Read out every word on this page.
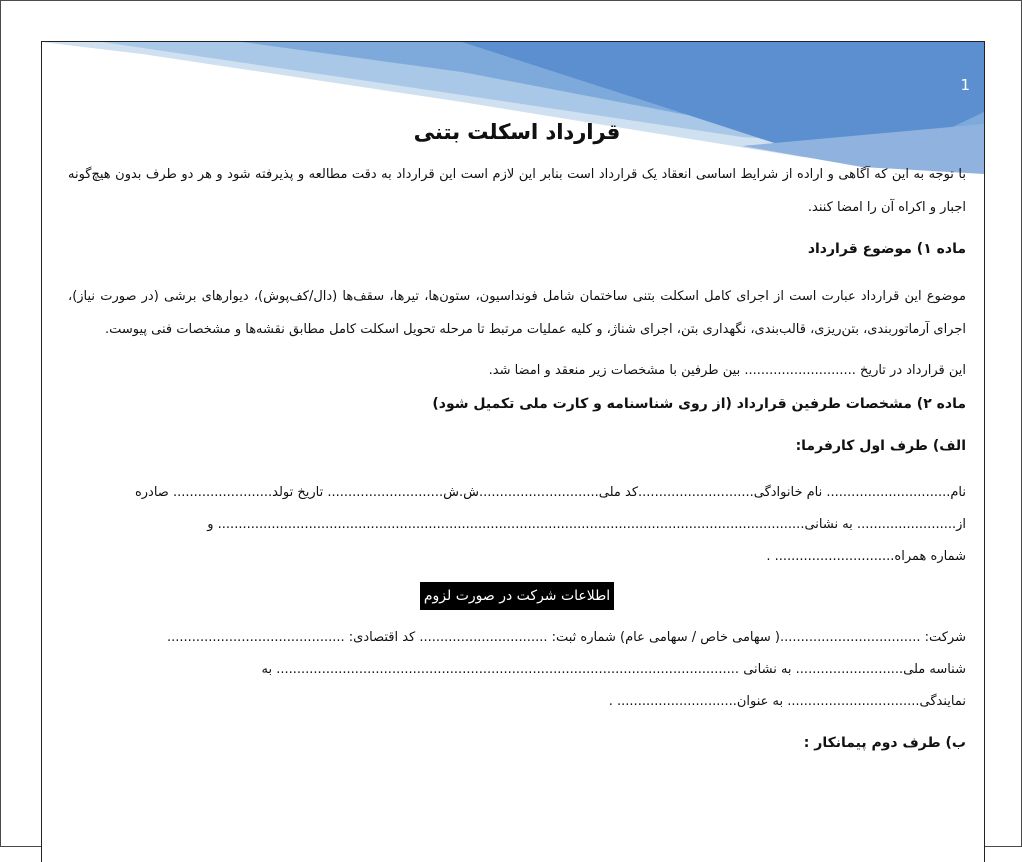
1
قرارداد اسکلت بتنی

با توجه به این که آگاهی و اراده از شرایط اساسی انعقاد یک قرارداد است بنابر این لازم است این قرارداد به دقت مطالعه و پذیرفته شود و هر دو طرف بدون هیچ‌گونه اجبار و اکراه آن را امضا کنند.

ماده ۱) موضوع قرارداد

موضوع این قرارداد عبارت است از اجرای کامل اسکلت بتنی ساختمان شامل فونداسیون، ستون‌ها، تیرها، سقف‌ها (دال/کف‌پوش)، دیوارهای برشی (در صورت نیاز)، اجرای آرماتوربندی، بتن‌ریزی، قالب‌بندی، نگهداری بتن، اجرای شناژ، و کلیه عملیات مرتبط تا مرحله تحویل اسکلت کامل مطابق نقشه‌ها و مشخصات فنی پیوست.

این قرارداد در تاریخ ........................... بین طرفین با مشخصات زیر منعقد و امضا شد.

ماده ۲) مشخصات طرفین قرارداد (از روی شناسنامه و کارت ملی تکمیل شود)

الف) طرف اول کارفرما:

نام.............................. نام خانوادگی............................کد ملی.............................ش.ش............................ تاریخ تولد........................ صادره

از........................ به نشانی.............................................................................................................................................. و

شماره همراه............................. .

اطلاعات شرکت در صورت لزوم

شرکت: ..................................( سهامی خاص / سهامی عام) شماره ثبت: ............................... کد اقتصادی: ...........................................

شناسه ملی.......................... به نشانی ................................................................................................................ به

نمایندگی................................ به عنوان............................. .

ب) طرف دوم پیمانکار :
